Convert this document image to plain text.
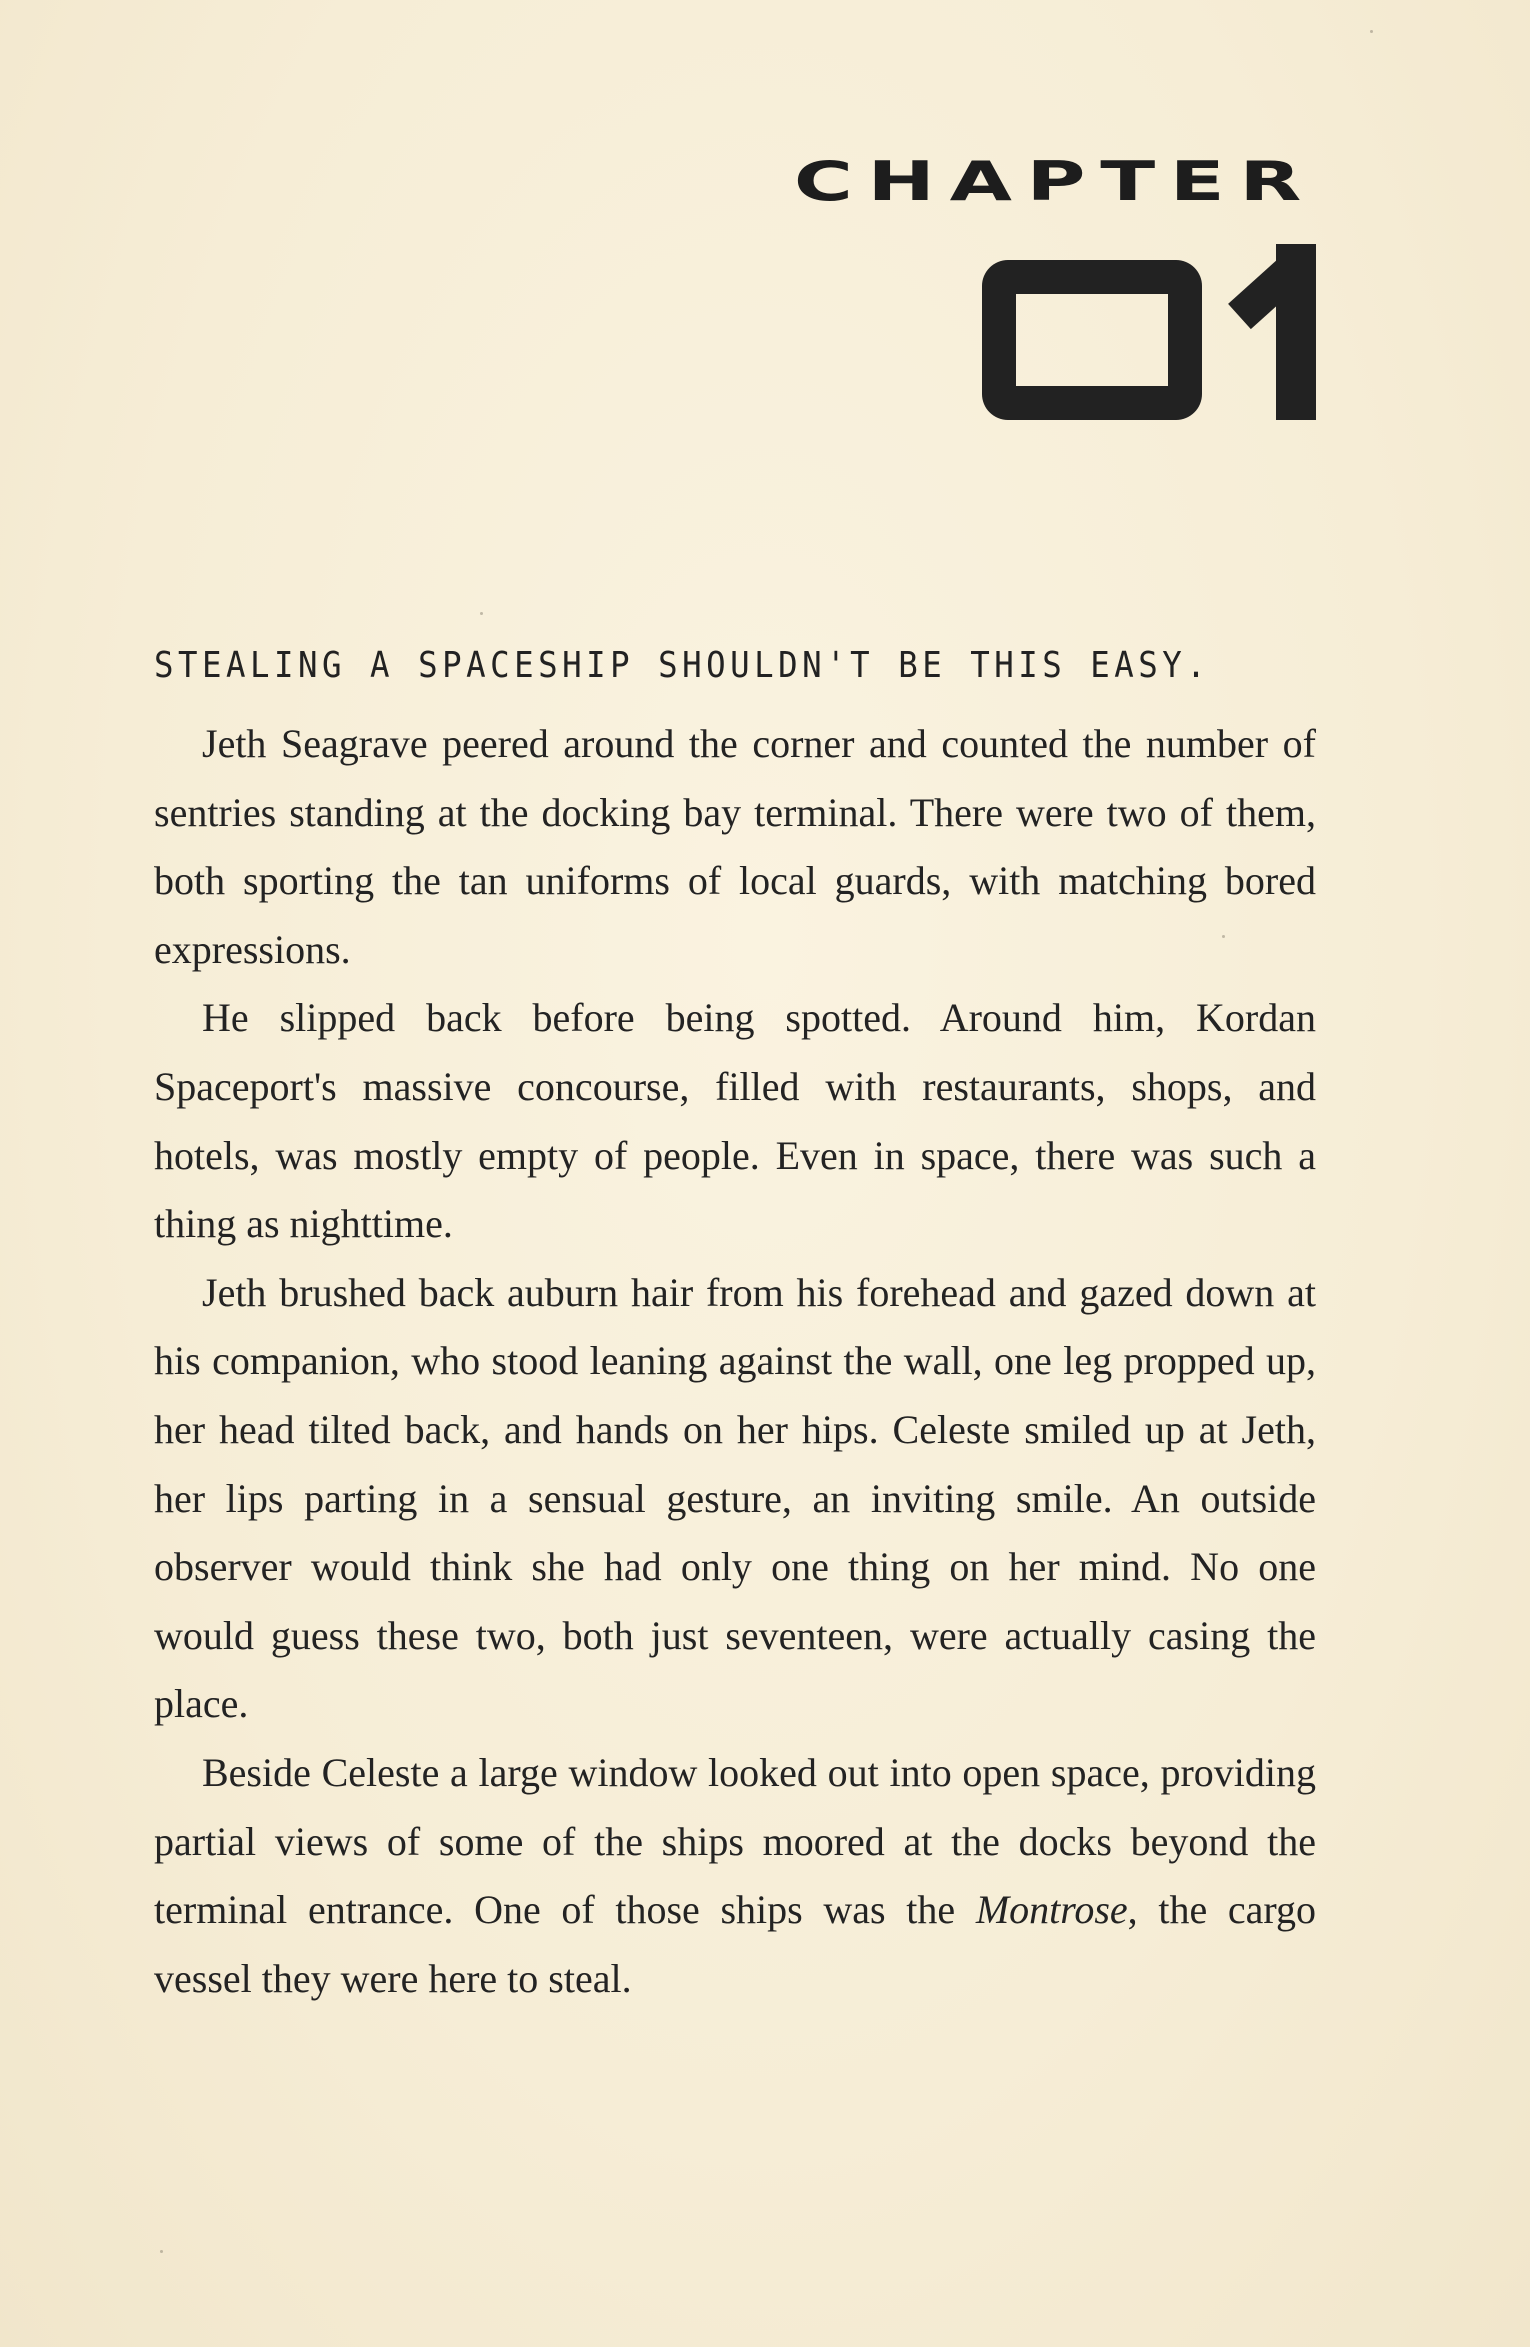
CHAPTER
STEALING A SPACESHIP SHOULDN'T BE THIS EASY.

Jeth Seagrave peered around the corner and counted the number of sentries standing at the docking bay terminal. There were two of them, both sporting the tan uniforms of local guards, with matching bored expressions.

He slipped back before being spotted. Around him, Kordan Spaceport's massive concourse, filled with restaurants, shops, and hotels, was mostly empty of people. Even in space, there was such a thing as nighttime.

Jeth brushed back auburn hair from his forehead and gazed down at his companion, who stood leaning against the wall, one leg propped up, her head tilted back, and hands on her hips. Celeste smiled up at Jeth, her lips parting in a sensual gesture, an inviting smile. An outside observer would think she had only one thing on her mind. No one would guess these two, both just seventeen, were actually casing the place.

Beside Celeste a large window looked out into open space, providing partial views of some of the ships moored at the docks beyond the terminal entrance. One of those ships was the Montrose, the cargo vessel they were here to steal.
